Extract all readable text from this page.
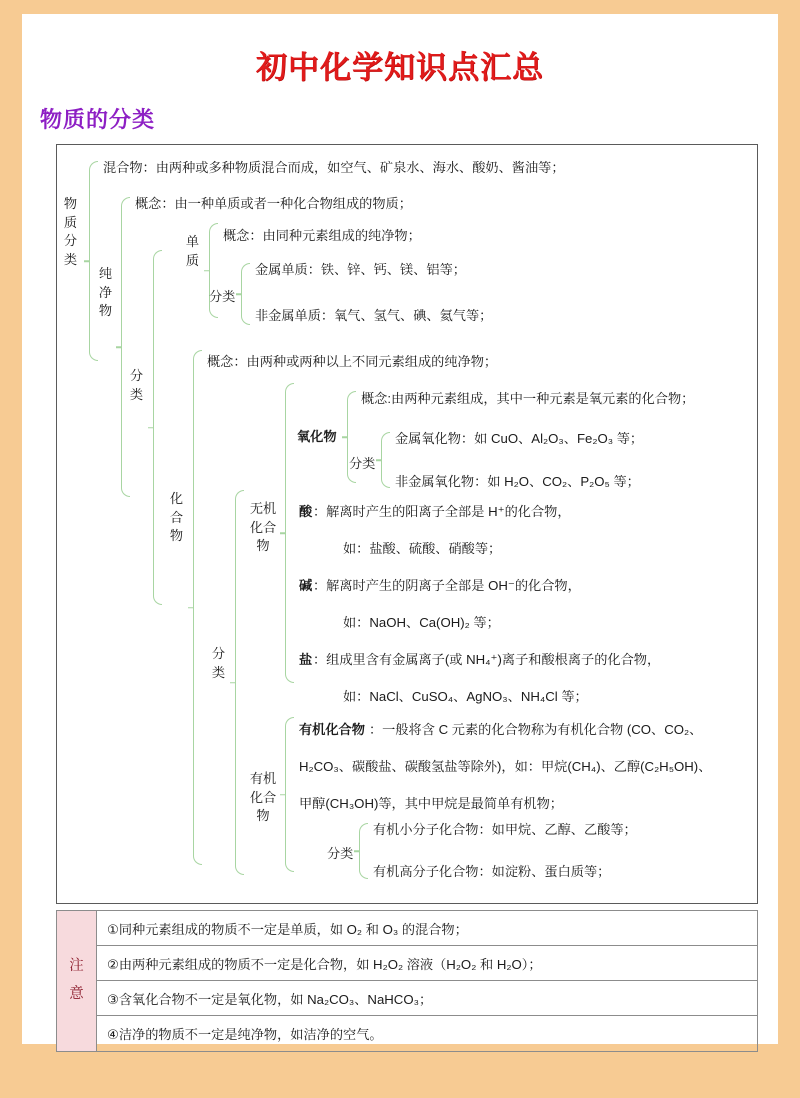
初中化学知识点汇总
物质的分类
物质分类
混合物：由两种或多种物质混合而成，如空气、矿泉水、海水、酸奶、酱油等；
纯净物
概念：由一种单质或者一种化合物组成的物质；
分类
单质
概念：由同种元素组成的纯净物；
分类
金属单质：铁、锌、钙、镁、铝等；
非金属单质：氧气、氢气、碘、氦气等；
化合物
概念：由两种或两种以上不同元素组成的纯净物；
分类
无机化合物
氧化物
概念:由两种元素组成，其中一种元素是氧元素的化合物；
分类
金属氧化物：如 CuO、Al₂O₃、Fe₂O₃ 等；
非金属氧化物：如 H₂O、CO₂、P₂O₅ 等；
酸 ：解离时产生的阳离子全部是 H⁺的化合物，
如：盐酸、硫酸、硝酸等；
碱 ：解离时产生的阴离子全部是 OH⁻的化合物，
如：NaOH、Ca(OH)₂ 等；
盐 ：组成里含有金属离子(或 NH₄⁺)离子和酸根离子的化合物，
如：NaCl、CuSO₄、AgNO₃、NH₄Cl 等；
有机化合物
有机化合物 ：一般将含 C 元素的化合物称为有机化合物 (CO、CO₂、
H₂CO₃、碳酸盐、碳酸氢盐等除外)，如：甲烷(CH₄)、乙醇(C₂H₅OH)、
甲醇(CH₃OH)等，其中甲烷是最简单有机物；
分类
有机小分子化合物：如甲烷、乙醇、乙酸等；
有机高分子化合物：如淀粉、蛋白质等；
注
意
①同种元素组成的物质不一定是单质，如 O₂ 和 O₃ 的混合物；
②由两种元素组成的物质不一定是化合物，如 H₂O₂ 溶液（H₂O₂ 和 H₂O）；
③含氧化合物不一定是氧化物，如 Na₂CO₃、NaHCO₃；
④洁净的物质不一定是纯净物，如洁净的空气。
